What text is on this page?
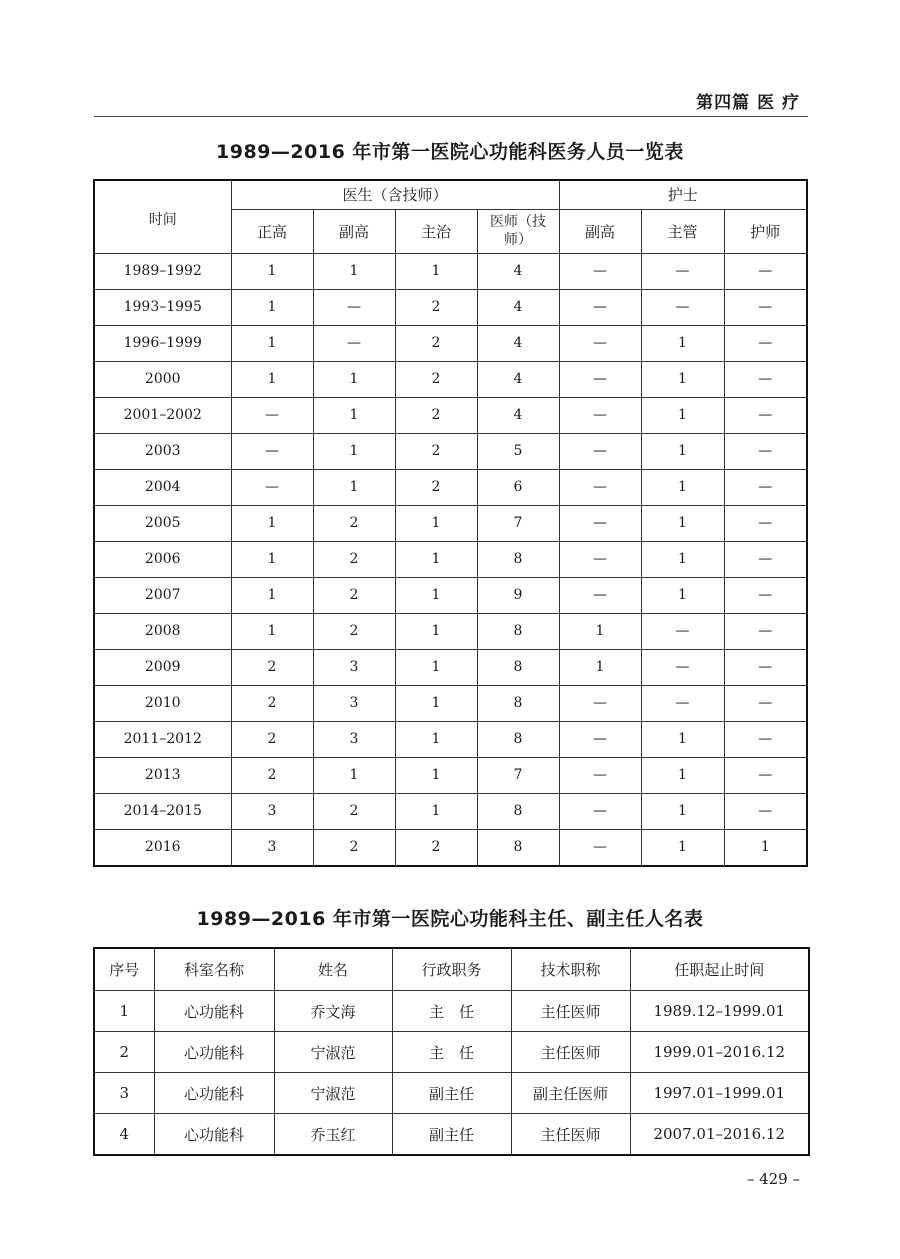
第四篇 医 疗
1989—2016 年市第一医院心功能科医务人员一览表
时间	医生（含技师）				护士		
	正高	副高	主治	医师（技师）	副高	主管	护师
1989–1992	1	1	1	4	—	—	—
1993–1995	1	—	2	4	—	—	—
1996–1999	1	—	2	4	—	1	—
2000	1	1	2	4	—	1	—
2001–2002	—	1	2	4	—	1	—
2003	—	1	2	5	—	1	—
2004	—	1	2	6	—	1	—
2005	1	2	1	7	—	1	—
2006	1	2	1	8	—	1	—
2007	1	2	1	9	—	1	—
2008	1	2	1	8	1	—	—
2009	2	3	1	8	1	—	—
2010	2	3	1	8	—	—	—
2011–2012	2	3	1	8	—	1	—
2013	2	1	1	7	—	1	—
2014–2015	3	2	1	8	—	1	—
2016	3	2	2	8	—	1	1
1989—2016 年市第一医院心功能科主任、副主任人名表
序号	科室名称	姓名	行政职务	技术职称	任职起止时间
1	心功能科	乔文海	主　任	主任医师	1989.12–1999.01
2	心功能科	宁淑范	主　任	主任医师	1999.01–2016.12
3	心功能科	宁淑范	副主任	副主任医师	1997.01–1999.01
4	心功能科	乔玉红	副主任	主任医师	2007.01–2016.12
– 429 –
